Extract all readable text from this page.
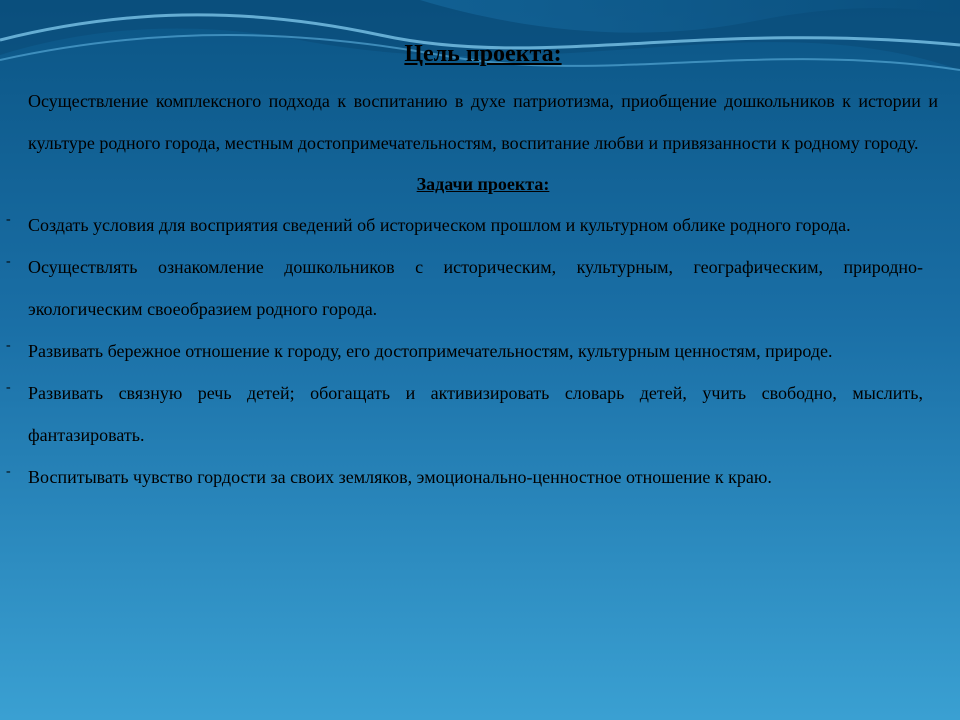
Цель проекта:
Осуществление комплексного подхода к воспитанию в духе патриотизма, приобщение дошкольников к истории и культуре родного города, местным достопримечательностям, воспитание любви и привязанности к родному городу.
Задачи проекта:
- Создать условия для восприятия сведений об историческом прошлом и культурном облике родного города.
- Осуществлять ознакомление дошкольников с историческим, культурным, географическим, природно-экологическим своеобразием родного города.
- Развивать бережное отношение к городу, его достопримечательностям, культурным ценностям, природе.
- Развивать связную речь детей; обогащать и активизировать словарь детей, учить свободно, мыслить, фантазировать.
- Воспитывать чувство гордости за своих земляков, эмоционально-ценностное отношение к краю.
